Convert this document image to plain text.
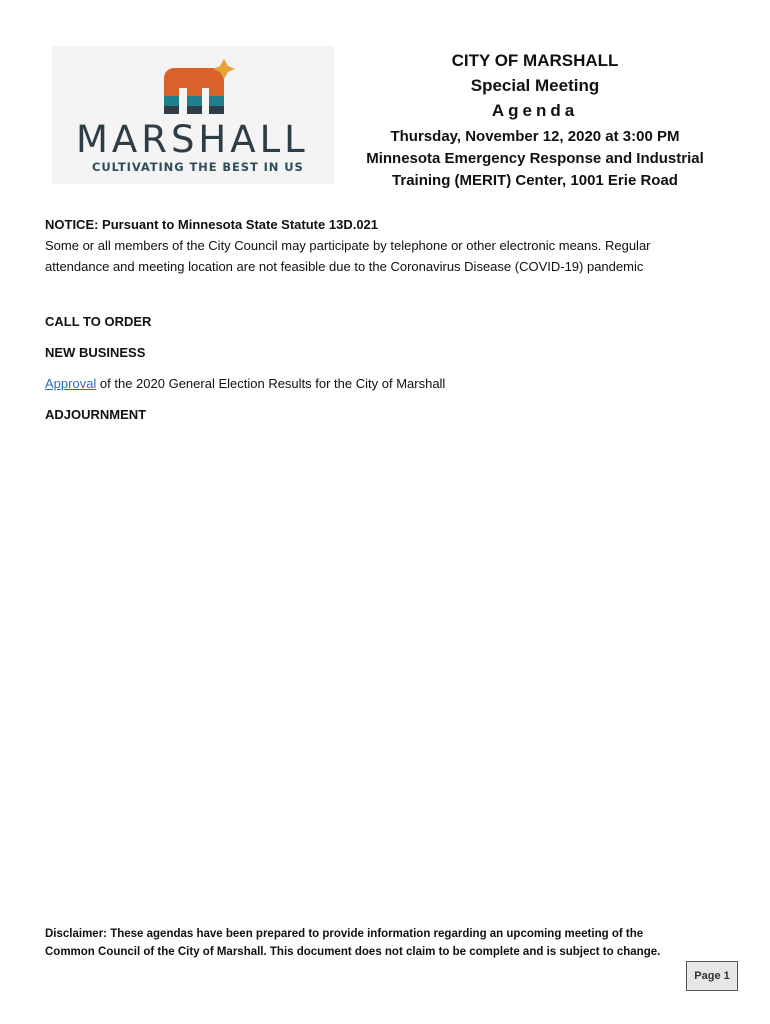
MARSHALL
CULTIVATING THE BEST IN US
CITY OF MARSHALL
Special Meeting
Agenda
Thursday, November 12, 2020 at 3:00 PM
Minnesota Emergency Response and Industrial
Training (MERIT) Center, 1001 Erie Road
NOTICE: Pursuant to Minnesota State Statute 13D.021
Some or all members of the City Council may participate by telephone or other electronic means. Regular
attendance and meeting location are not feasible due to the Coronavirus Disease (COVID-19) pandemic
CALL TO ORDER
NEW BUSINESS
Approval of the 2020 General Election Results for the City of Marshall
ADJOURNMENT
Disclaimer: These agendas have been prepared to provide information regarding an upcoming meeting of the
Common Council of the City of Marshall. This document does not claim to be complete and is subject to change.
Page 1
